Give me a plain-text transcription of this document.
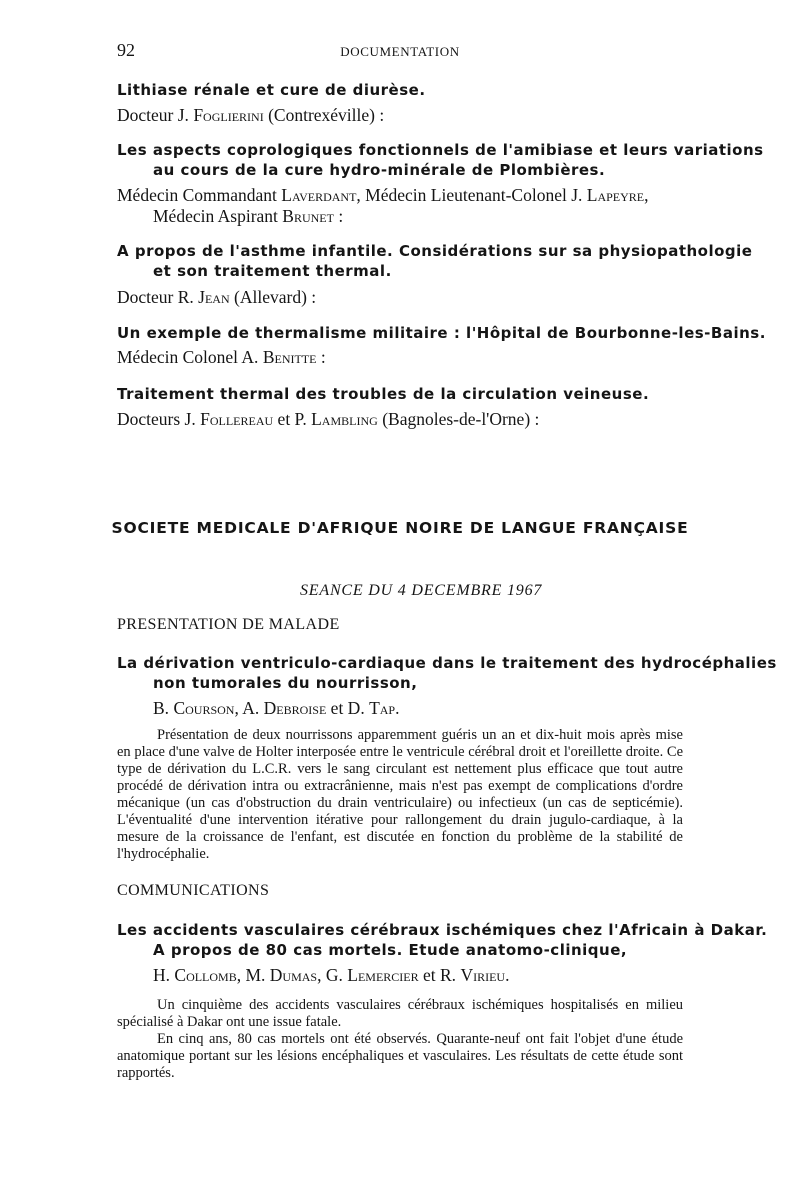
92	DOCUMENTATION
Lithiase rénale et cure de diurèse.
Docteur J. Foglierini (Contrexéville) :
Les aspects coprologiques fonctionnels de l'amibiase et leurs variations
au cours de la cure hydro-minérale de Plombières.
Médecin Commandant Laverdant, Médecin Lieutenant-Colonel J. Lapeyre,
Médecin Aspirant Brunet :
A propos de l'asthme infantile. Considérations sur sa physiopathologie
et son traitement thermal.
Docteur R. Jean (Allevard) :
Un exemple de thermalisme militaire : l'Hôpital de Bourbonne-les-Bains.
Médecin Colonel A. Benitte :
Traitement thermal des troubles de la circulation veineuse.
Docteurs J. Follereau et P. Lambling (Bagnoles-de-l'Orne) :
SOCIETE MEDICALE D'AFRIQUE NOIRE DE LANGUE FRANÇAISE
SEANCE DU 4 DECEMBRE 1967
PRESENTATION DE MALADE
La dérivation ventriculo-cardiaque dans le traitement des hydrocéphalies
non tumorales du nourrisson,
B. Courson, A. Debroise et D. Tap.

Présentation de deux nourrissons apparemment guéris un an et dix-huit mois après mise en place d'une valve de Holter interposée entre le ventricule cérébral droit et l'oreillette droite. Ce type de dérivation du L.C.R. vers le sang circulant est nettement plus efficace que tout autre procédé de dérivation intra ou extracrânienne, mais n'est pas exempt de complications d'ordre mécanique (un cas d'obstruction du drain ventriculaire) ou infectieux (un cas de septicémie). L'éventualité d'une intervention itérative pour rallongement du drain jugulo-cardiaque, à la mesure de la croissance de l'enfant, est discutée en fonction du problème de la stabilité de l'hydrocéphalie.

COMMUNICATIONS
Les accidents vasculaires cérébraux ischémiques chez l'Africain à Dakar.
A propos de 80 cas mortels. Etude anatomo-clinique,
H. Collomb, M. Dumas, G. Lemercier et R. Virieu.

Un cinquième des accidents vasculaires cérébraux ischémiques hospitalisés en milieu spécialisé à Dakar ont une issue fatale.

En cinq ans, 80 cas mortels ont été observés. Quarante-neuf ont fait l'objet d'une étude anatomique portant sur les lésions encéphaliques et vasculaires. Les résultats de cette étude sont rapportés.
